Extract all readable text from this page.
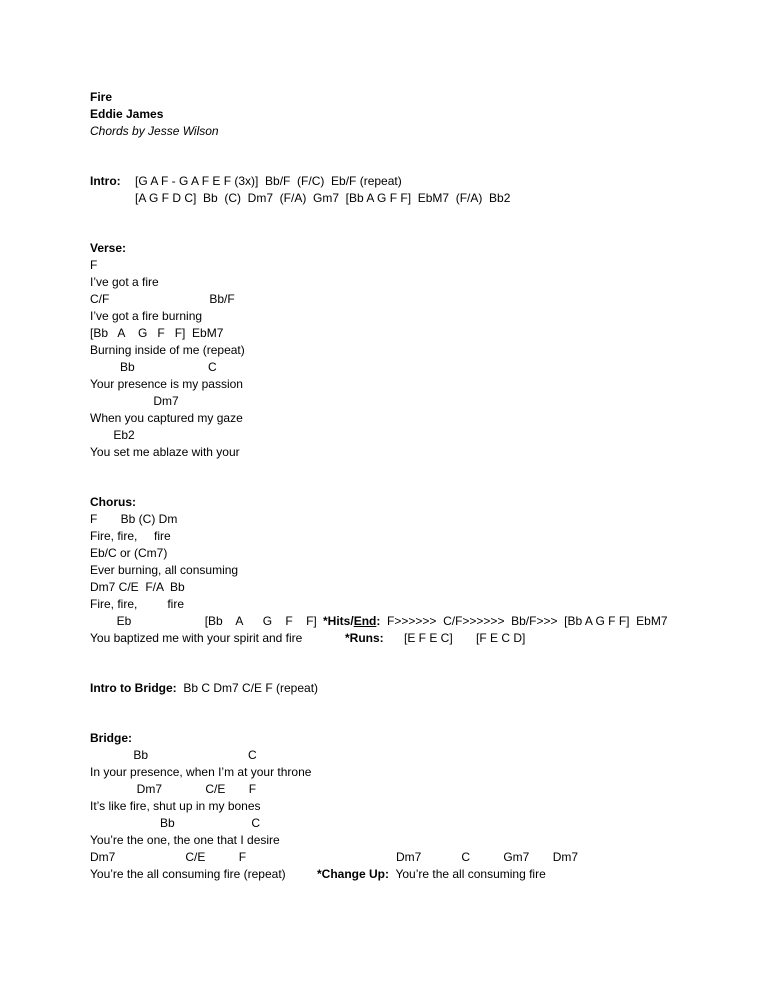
Fire
Eddie James
Chords by Jesse Wilson
Intro: [G A F - G A F E F (3x)]  Bb/F  (F/C)  Eb/F (repeat)
[A G F D C]  Bb  (C)  Dm7  (F/A)  Gm7  [Bb A G F F]  EbM7  (F/A)  Bb2
Verse:
F
I’ve got a fire
C/F                              Bb/F
I’ve got a fire burning
[Bb   A    G   F   F]  EbM7
Burning inside of me (repeat)
Bb                      C
Your presence is my passion
Dm7
When you captured my gaze
Eb2
You set me ablaze with your
Chorus:
F       Bb (C) Dm
Fire, fire,     fire
Eb/C or (Cm7)
Ever burning, all consuming
Dm7 C/E  F/A  Bb
Fire, fire,         fire
Eb                      [Bb    A      G    F    F] *Hits/End:  F>>>>>>  C/F>>>>>>  Bb/F>>>  [Bb A G F F]  EbM7
You baptized me with your spirit and fire	*Runs: [E F E C]       [F E C D]
Intro to Bridge:  Bb C Dm7 C/E F (repeat)
Bridge:
Bb                              C
In your presence, when I’m at your throne
Dm7             C/E       F
It’s like fire, shut up in my bones
Bb                       C
You’re the one, the one that I desire
Dm7                     C/E          F	Dm7            C          Gm7       Dm7
You’re the all consuming fire (repeat)	*Change Up:  You’re the all consuming fire
